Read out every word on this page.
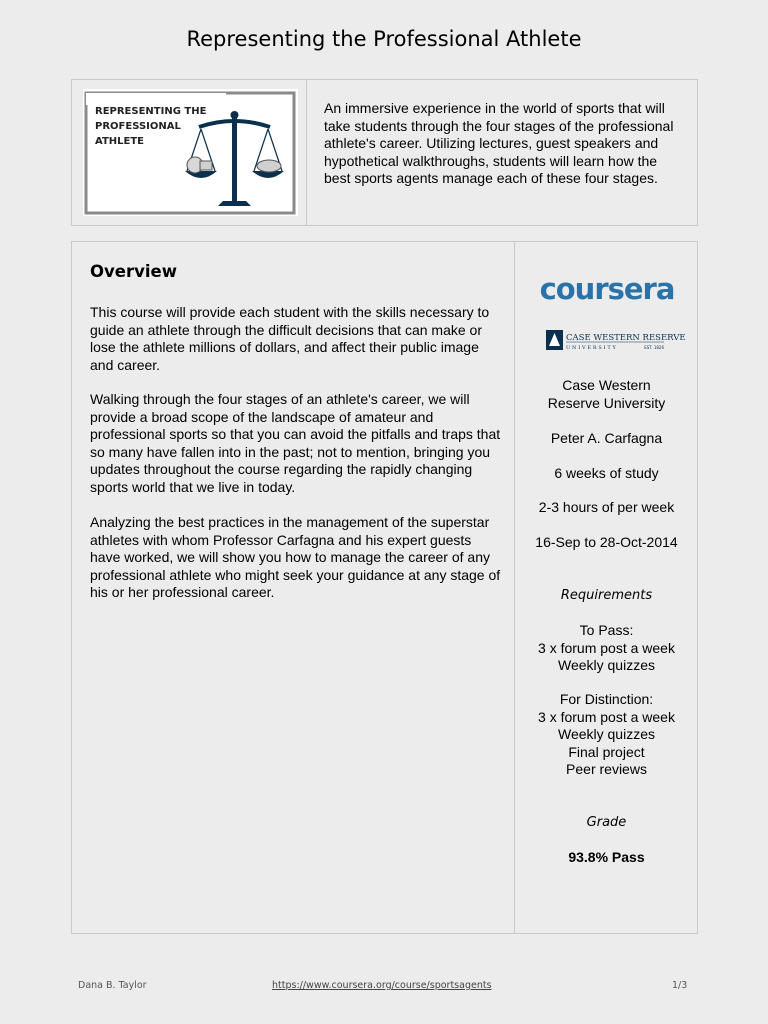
Representing the Professional Athlete
REPRESENTING THE
PROFESSIONAL
ATHLETE
An immersive experience in the world of sports that will take students through the four stages of the professional athlete's career. Utilizing lectures, guest speakers and hypothetical walkthroughs, students will learn how the best sports agents manage each of these four stages.
Overview
This course will provide each student with the skills necessary to guide an athlete through the difficult decisions that can make or lose the athlete millions of dollars, and affect their public image and career.
Walking through the four stages of an athlete's career, we will provide a broad scope of the landscape of amateur and professional sports so that you can avoid the pitfalls and traps that so many have fallen into in the past; not to mention, bringing you updates throughout the course regarding the rapidly changing sports world that we live in today.
Analyzing the best practices in the management of the superstar athletes with whom Professor Carfagna and his expert guests have worked, we will show you how to manage the career of any professional athlete who might seek your guidance at any stage of his or her professional career.
coursera
CASE WESTERN RESERVE
UNIVERSITY	EST. 1826
Case Western
Reserve University
Peter A. Carfagna
6 weeks of study
2-3 hours of per week
16-Sep to 28-Oct-2014
Requirements
To Pass:
3 x forum post a week
Weekly quizzes
For Distinction:
3 x forum post a week
Weekly quizzes
Final project
Peer reviews
Grade
93.8% Pass
Dana B. Taylor	https://www.coursera.org/course/sportsagents	1/3
